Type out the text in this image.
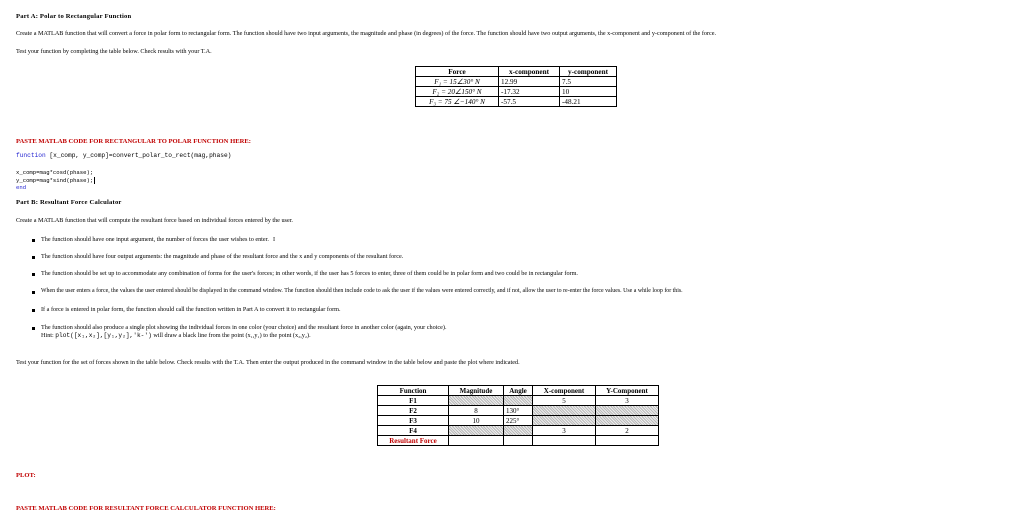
Part A: Polar to Rectangular Function
Create a MATLAB function that will convert a force in polar form to rectangular form. The function should have two input arguments, the magnitude and phase (in degrees) of the force. The function should have two output arguments, the x-component and y-component of the force.
Test your function by completing the table below. Check results with your T.A.
Force	x-component	y-component
F₁ = 15∠30° N	12.99	7.5
F₂ = 20∠150° N	-17.32	10
F₃ = 75 ∠−140° N	-57.5	-48.21
PASTE MATLAB CODE FOR RECTANGULAR TO POLAR FUNCTION HERE:
function [x_comp, y_comp]=convert_polar_to_rect(mag,phase)
x_comp=mag*cosd(phase);
y_comp=mag*sind(phase);
end
Part B: Resultant Force Calculator
Create a MATLAB function that will compute the resultant force based on individual forces entered by the user.
The function should have one input argument, the number of forces the user wishes to enter. I
The function should have four output arguments: the magnitude and phase of the resultant force and the x and y components of the resultant force.
The function should be set up to accommodate any combination of forms for the user's forces; in other words, if the user has 5 forces to enter, three of them could be in polar form and two could be in rectangular form.
When the user enters a force, the values the user entered should be displayed in the command window. The function should then include code to ask the user if the values were entered correctly, and if not, allow the user to re-enter the force values. Use a while loop for this.
If a force is entered in polar form, the function should call the function written in Part A to convert it to rectangular form.
The function should also produce a single plot showing the individual forces in one color (your choice) and the resultant force in another color (again, your choice).
Hint: plot([x₁,x₂],[y₁,y₂],'k-') will draw a black line from the point (x₁,y₁) to the point (x₂,y₂).
Test your function for the set of forces shown in the table below. Check results with the T.A. Then enter the output produced in the command window in the table below and paste the plot where indicated.
Function	Magnitude	Angle	X-component	Y-Component
F1			5	3
F2	8	130°		
F3	10	225°		
F4			3	2
Resultant Force				
PLOT:
PASTE MATLAB CODE FOR RESULTANT FORCE CALCULATOR FUNCTION HERE:
